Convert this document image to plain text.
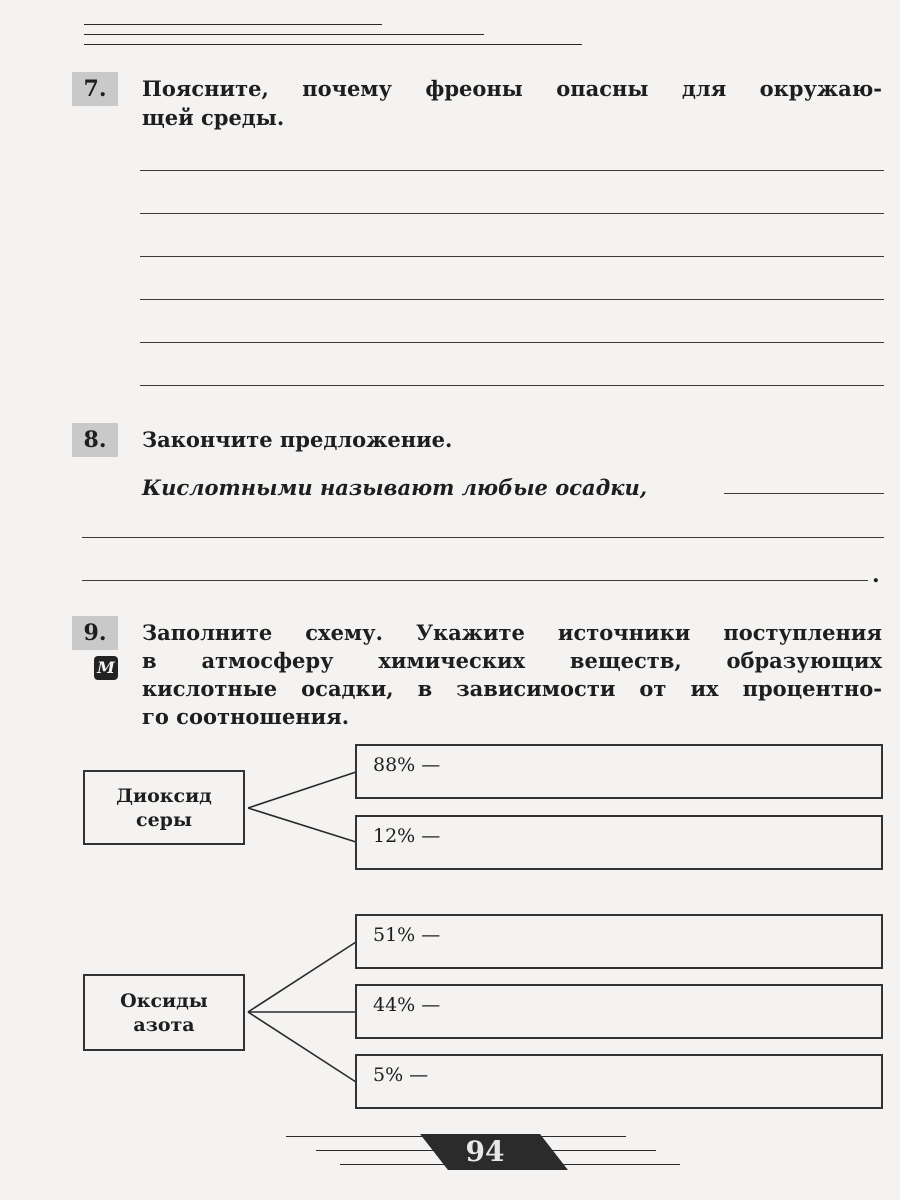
7.	Поясните, почему фреоны опасны для окружаю-
щей среды.
8.	Закончите предложение.
Кислотными называют любые осадки,
.
9.
М
Заполните схему. Укажите источники поступления
в атмосферу химических веществ, образующих
кислотные осадки, в зависимости от их процентно-
го соотношения.
Диоксид серы
88% —
12% —
Оксиды азота
51% —
44% —
5% —
94
